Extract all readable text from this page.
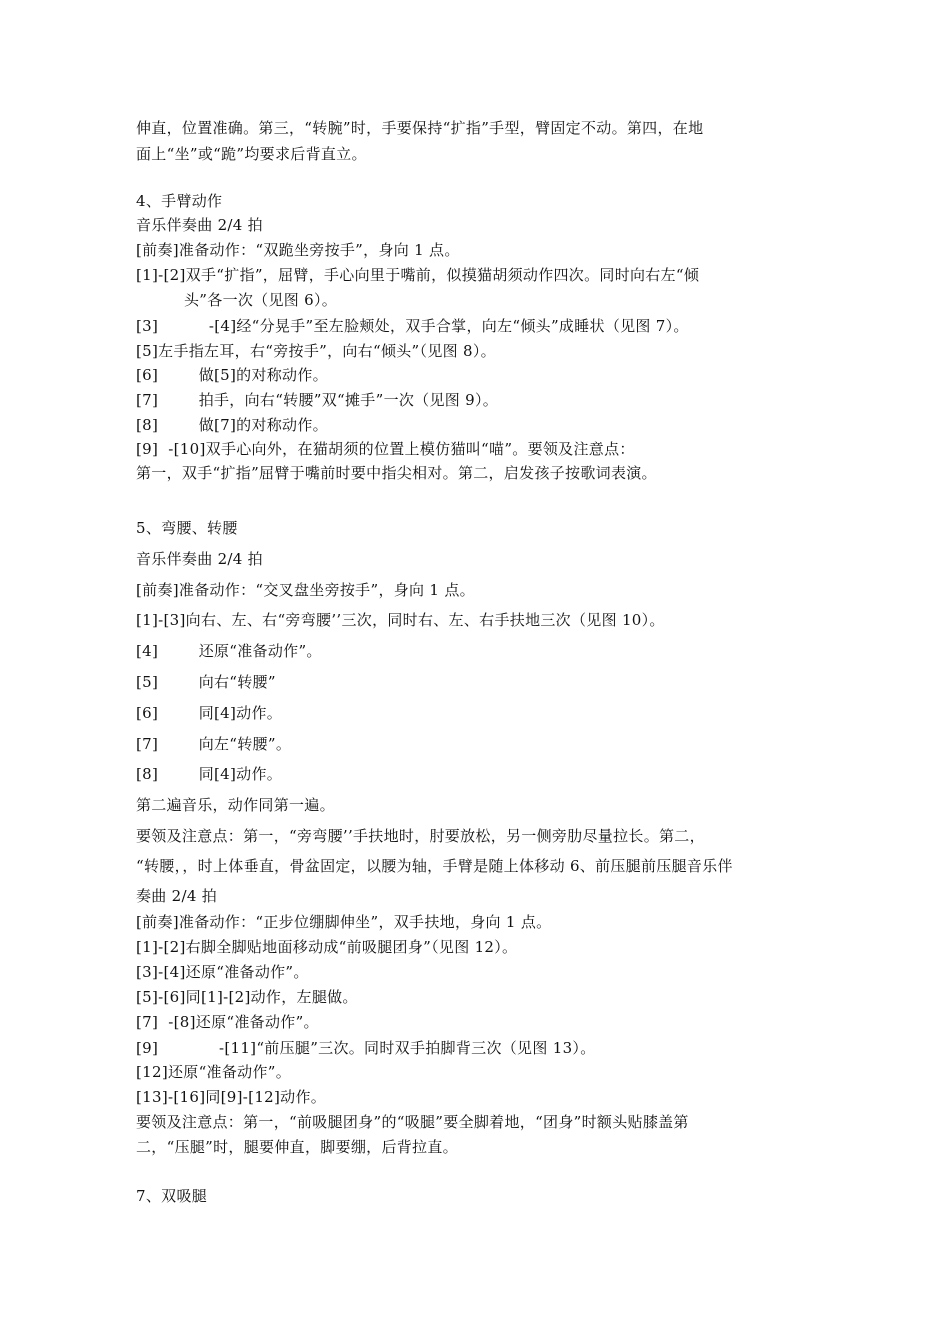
伸直，位置准确。第三，“转腕”时，手要保持“扩指”手型，臂固定不动。第四，在地
面上“坐”或“跪”均要求后背直立。
4、手臂动作
音乐伴奏曲 2/4 拍
[前奏]准备动作：“双跪坐旁按手”，身向 1 点。
[1]-[2]双手“扩指”，屈臂，手心向里于嘴前，似摸猫胡须动作四次。同时向右左“倾
头”各一次（见图 6）。
[3]          -[4]经“分晃手”至左脸颊处，双手合掌，向左“倾头”成睡状（见图 7）。
[5]左手指左耳，右“旁按手”，向右“倾头”（见图 8）。
[6]        做[5]的对称动作。
[7]        拍手，向右“转腰”双“摊手”一次（见图 9）。
[8]        做[7]的对称动作。
[9]  -[10]双手心向外，在猫胡须的位置上模仿猫叫“喵”。要领及注意点：
第一，双手“扩指”屈臂于嘴前时要中指尖相对。第二，启发孩子按歌词表演。
5、弯腰、转腰
音乐伴奏曲 2/4 拍
[前奏]准备动作：“交叉盘坐旁按手”，身向 1 点。
[1]-[3]向右、左、右“旁弯腰’’三次，同时右、左、右手扶地三次（见图 10）。
[4]        还原“准备动作”。
[5]        向右“转腰”
[6]        同[4]动作。
[7]        向左“转腰”。
[8]        同[4]动作。
第二遍音乐，动作同第一遍。
要领及注意点：第一，“旁弯腰’’手扶地时，肘要放松，另一侧旁肋尽量拉长。第二，
“转腰，，时上体垂直，骨盆固定，以腰为轴，手臂是随上体移动 6、前压腿前压腿音乐伴
奏曲 2/4 拍
[前奏]准备动作：“正步位绷脚伸坐”，双手扶地，身向 1 点。
[1]-[2]右脚全脚贴地面移动成“前吸腿团身”（见图 12）。
[3]-[4]还原“准备动作”。
[5]-[6]同[1]-[2]动作，左腿做。
[7]  -[8]还原“准备动作”。
[9]            -[11]“前压腿”三次。同时双手拍脚背三次（见图 13）。
[12]还原“准备动作”。
[13]-[16]同[9]-[12]动作。
要领及注意点：第一，“前吸腿团身”的“吸腿”要全脚着地，“团身”时额头贴膝盖第
二，“压腿”时，腿要伸直，脚要绷，后背拉直。
7、双吸腿
